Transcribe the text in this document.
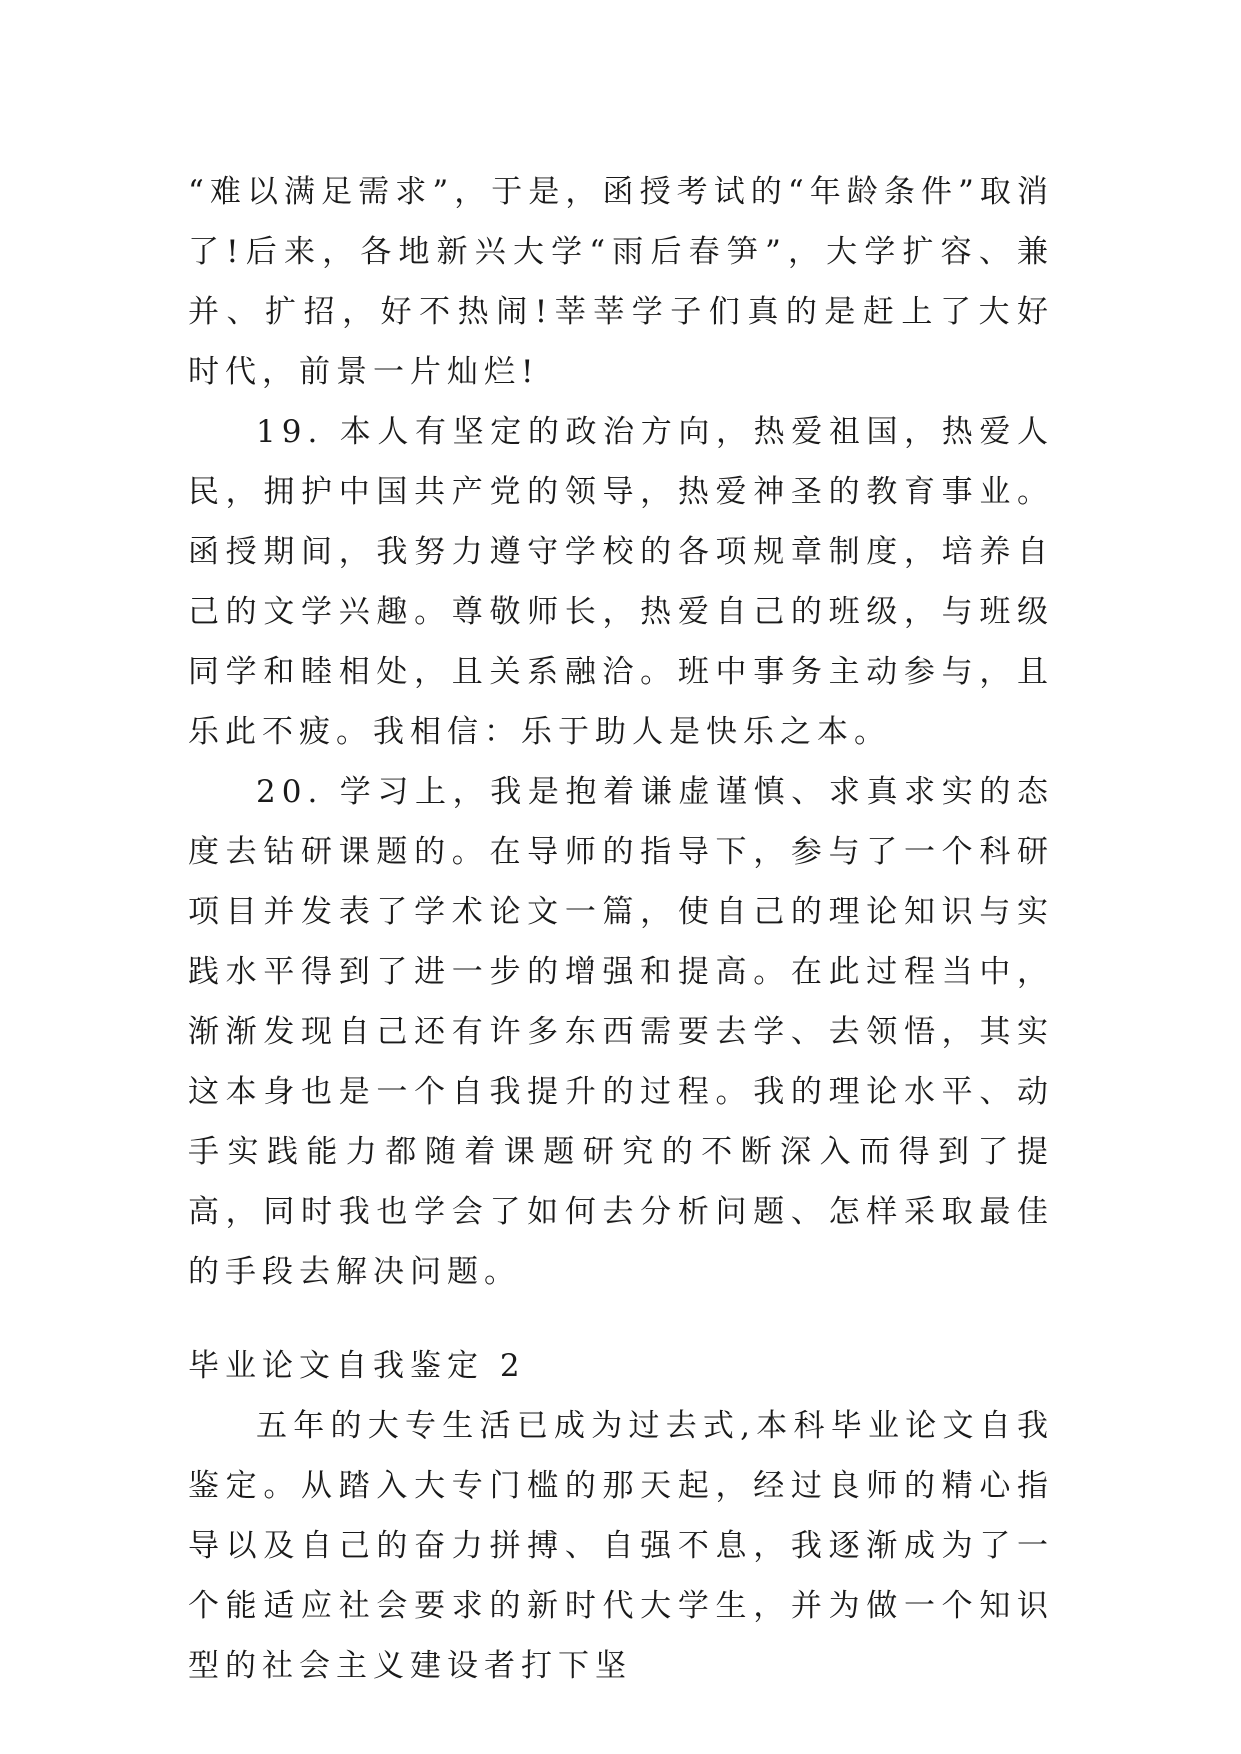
“难以满足需求”，于是，函授考试的“年龄条件”取消了!后来，各地新兴大学“雨后春笋”，大学扩容、兼并、扩招，好不热闹!莘莘学子们真的是赶上了大好时代，前景一片灿烂!

19. 本人有坚定的政治方向，热爱祖国，热爱人民，拥护中国共产党的领导，热爱神圣的教育事业。函授期间，我努力遵守学校的各项规章制度，培养自己的文学兴趣。尊敬师长，热爱自己的班级，与班级同学和睦相处，且关系融洽。班中事务主动参与，且乐此不疲。我相信：乐于助人是快乐之本。

20. 学习上，我是抱着谦虚谨慎、求真求实的态度去钻研课题的。在导师的指导下，参与了一个科研项目并发表了学术论文一篇，使自己的理论知识与实践水平得到了进一步的增强和提高。在此过程当中，渐渐发现自己还有许多东西需要去学、去领悟，其实这本身也是一个自我提升的过程。我的理论水平、动手实践能力都随着课题研究的不断深入而得到了提高，同时我也学会了如何去分析问题、怎样采取最佳的手段去解决问题。

毕业论文自我鉴定 2

五年的大专生活已成为过去式,本科毕业论文自我鉴定。从踏入大专门槛的那天起，经过良师的精心指导以及自己的奋力拼搏、自强不息，我逐渐成为了一个能适应社会要求的新时代大学生，并为做一个知识型的社会主义建设者打下坚
